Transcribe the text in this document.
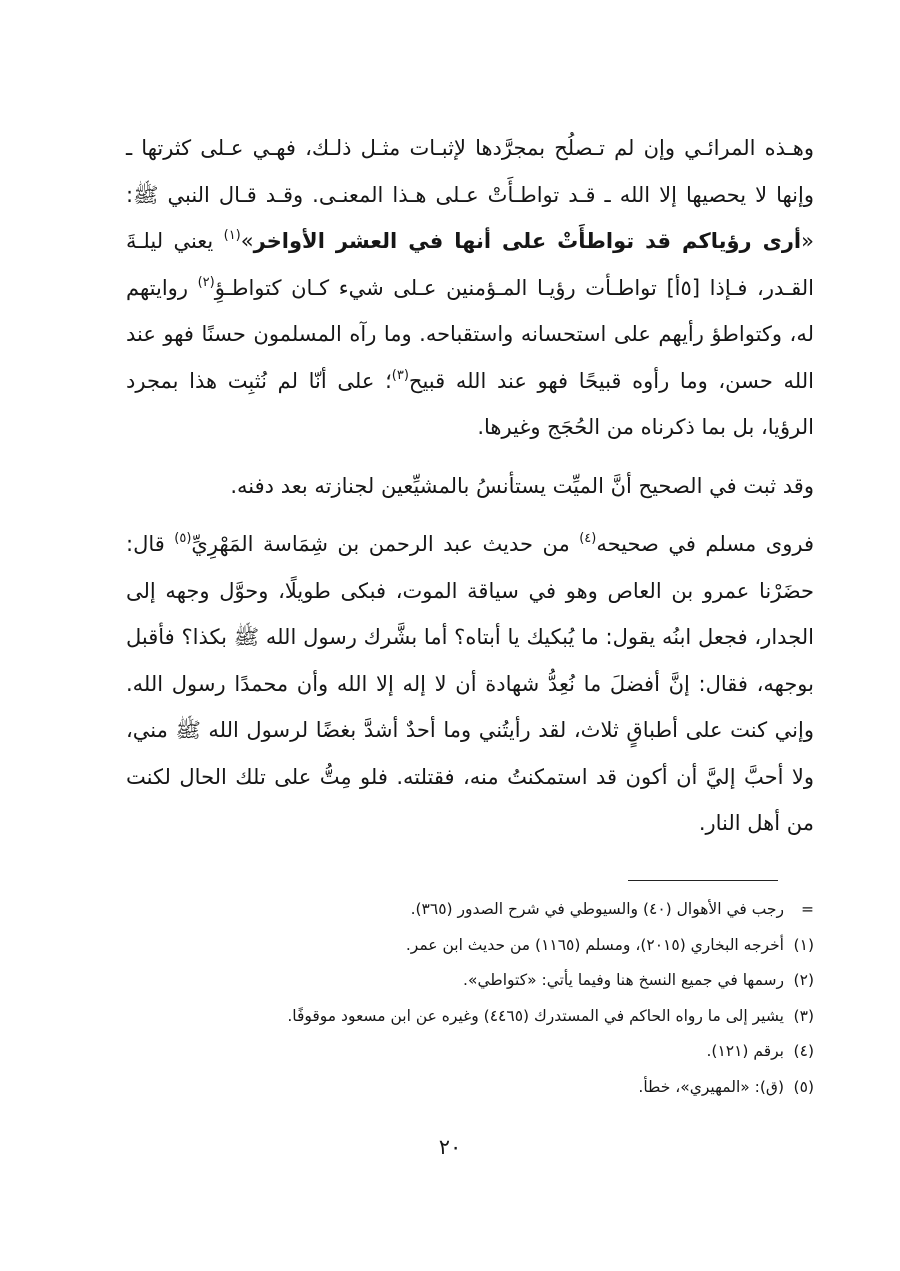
وهـذه المرائـي وإن لم تـصلُح بمجرَّدها لإثبـات مثـل ذلـك، فهـي عـلى كثرتها ـ وإنها لا يحصيها إلا الله ـ قـد تواطـأَتْ عـلى هـذا المعنـى. وقـد قـال النبي ﷺ: «أرى رؤياكم قد تواطأَتْ على أنها في العشر الأواخر»$^{(١)}$ يعني ليلـةَ القـدر، فـإذا [٥أ] تواطـأت رؤيـا المـؤمنين عـلى شيء كـان كتواطـؤِ$^{(٢)}$ روايتهم له، وكتواطؤ رأيهم على استحسانه واستقباحه. وما رآه المسلمون حسنًا فهو عند الله حسن، وما رأوه قبيحًا فهو عند الله قبيح$^{(٣)}$؛ على أنّا لم نُثبِت هذا بمجرد الرؤيا، بل بما ذكرناه من الحُجَج وغيرها.

وقد ثبت في الصحيح أنَّ الميِّت يستأنسُ بالمشيِّعين لجنازته بعد دفنه.

فروى مسلم في صحيحه$^{(٤)}$ من حديث عبد الرحمن بن شِمَاسة المَهْرِيِّ$^{(٥)}$ قال: حضَرْنا عمرو بن العاص وهو في سياقة الموت، فبكى طويلًا، وحوَّل وجهه إلى الجدار، فجعل ابنُه يقول: ما يُبكيك يا أبتاه؟ أما بشَّرك رسول الله ﷺ بكذا؟ فأقبل بوجهه، فقال: إنَّ أفضلَ ما نُعِدُّ شهادة أن لا إله إلا الله وأن محمدًا رسول الله. وإني كنت على أطباقٍ ثلاث، لقد رأيتُني وما أحدٌ أشدَّ بغضًا لرسول الله ﷺ مني، ولا أحبَّ إليَّ أن أكون قد استمكنتُ منه، فقتلته. فلو مِتُّ على تلك الحال لكنت من أهل النار.

=رجب في الأهوال (٤٠) والسيوطي في شرح الصدور (٣٦٥).
(١)أخرجه البخاري (٢٠١٥)، ومسلم (١١٦٥) من حديث ابن عمر.
(٢)رسمها في جميع النسخ هنا وفيما يأتي: «كتواطي».
(٣)يشير إلى ما رواه الحاكم في المستدرك (٤٤٦٥) وغيره عن ابن مسعود موقوفًا.
(٤)برقم (١٢١).
(٥)(ق): «المهيري»، خطأ.
٢٠
